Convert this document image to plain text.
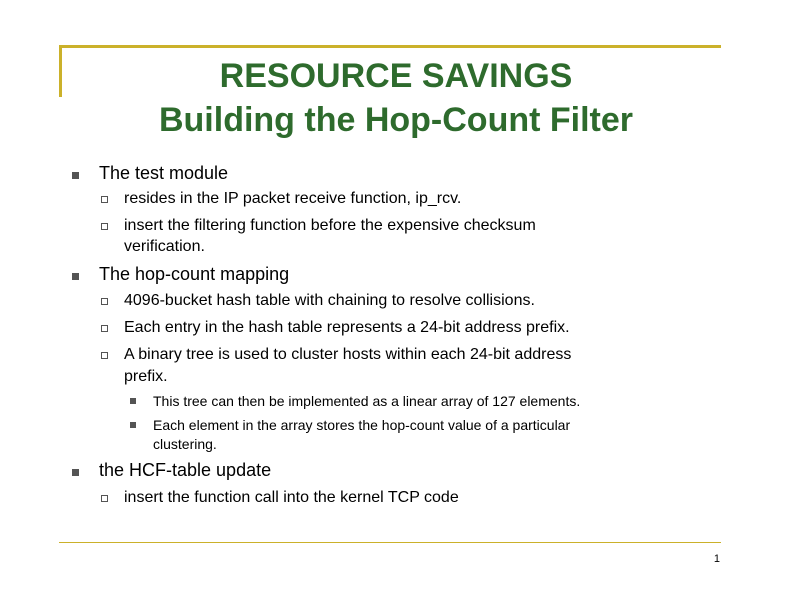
RESOURCE SAVINGS
Building the Hop-Count Filter
The test module
resides in the IP packet receive function, ip_rcv.
insert the filtering function before the expensive checksum
verification.
The hop-count mapping
4096-bucket hash table with chaining to resolve collisions.
Each entry in the hash table represents a 24-bit address prefix.
A binary tree is used to cluster hosts within each 24-bit address
prefix.
This tree can then be implemented as a linear array of 127 elements.
Each element in the array stores the hop-count value of a particular
clustering.
the HCF-table update
insert the function call into the kernel TCP code
1
